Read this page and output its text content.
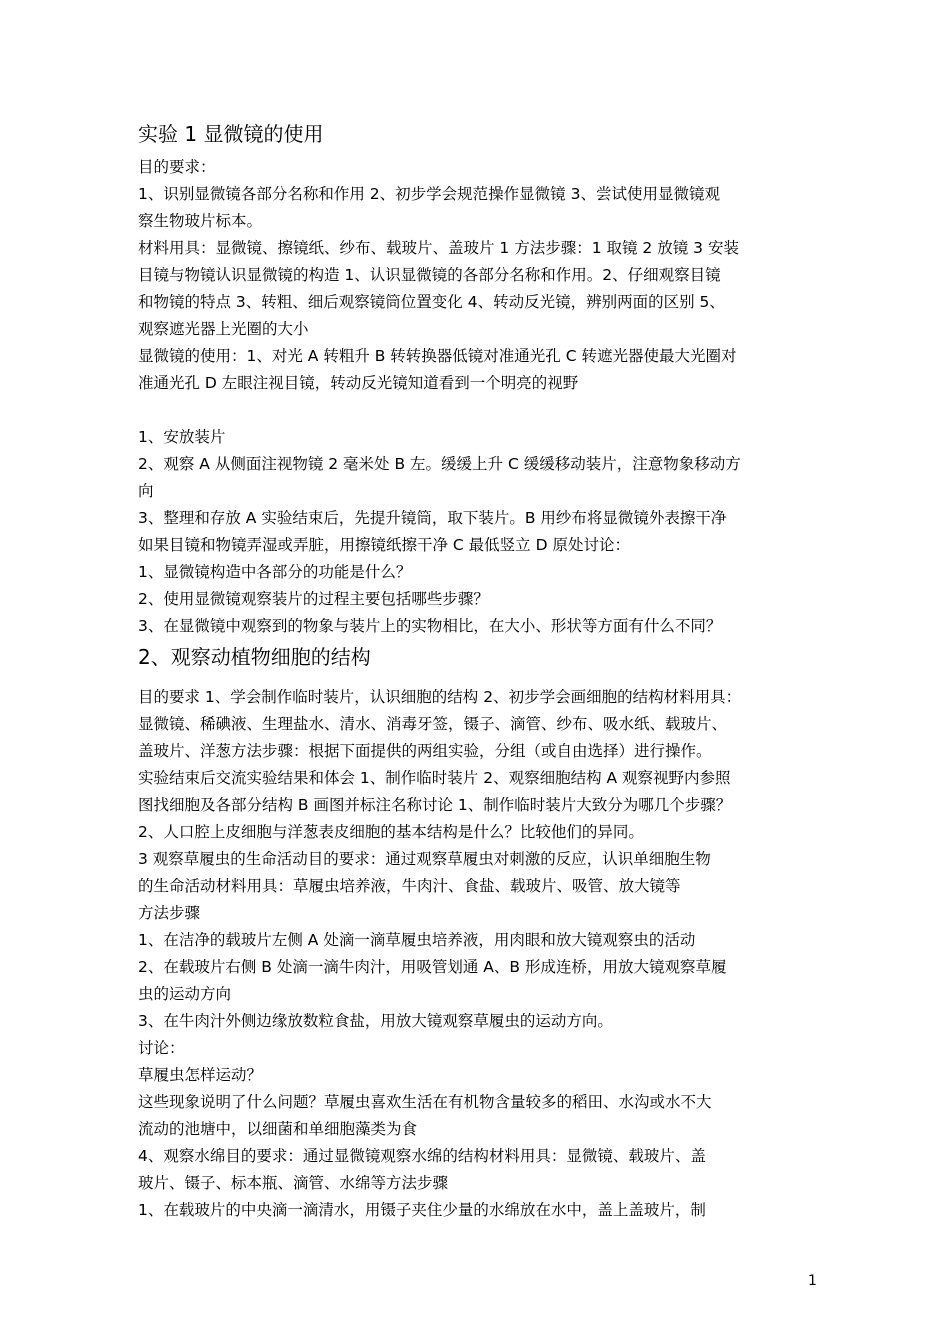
实验 1 显微镜的使用
目的要求：
1、识别显微镜各部分名称和作用 2、初步学会规范操作显微镜 3、尝试使用显微镜观
察生物玻片标本。
材料用具：显微镜、擦镜纸、纱布、载玻片、盖玻片 1 方法步骤：1 取镜 2 放镜 3 安装
目镜与物镜认识显微镜的构造 1、认识显微镜的各部分名称和作用。2、仔细观察目镜
和物镜的特点 3、转粗、细后观察镜筒位置变化 4、转动反光镜，辨别两面的区别 5、
观察遮光器上光圈的大小
显微镜的使用：1、对光 A 转粗升 B 转转换器低镜对准通光孔 C 转遮光器使最大光圈对
准通光孔 D 左眼注视目镜，转动反光镜知道看到一个明亮的视野
1、安放装片
2、观察 A 从侧面注视物镜 2 毫米处 B 左。缓缓上升 C 缓缓移动装片，注意物象移动方
向
3、整理和存放 A 实验结束后，先提升镜筒，取下装片。B 用纱布将显微镜外表擦干净
如果目镜和物镜弄湿或弄脏，用擦镜纸擦干净 C 最低竖立 D 原处讨论：
1、显微镜构造中各部分的功能是什么？
2、使用显微镜观察装片的过程主要包括哪些步骤？
3、在显微镜中观察到的物象与装片上的实物相比，在大小、形状等方面有什么不同？
2、观察动植物细胞的结构
目的要求 1、学会制作临时装片，认识细胞的结构 2、初步学会画细胞的结构材料用具：
显微镜、稀碘液、生理盐水、清水、消毒牙签，镊子、滴管、纱布、吸水纸、载玻片、
盖玻片、洋葱方法步骤：根据下面提供的两组实验，分组（或自由选择）进行操作。
实验结束后交流实验结果和体会 1、制作临时装片 2、观察细胞结构 A 观察视野内参照
图找细胞及各部分结构 B 画图并标注名称讨论 1、制作临时装片大致分为哪几个步骤？
2、人口腔上皮细胞与洋葱表皮细胞的基本结构是什么？比较他们的异同。
3 观察草履虫的生命活动目的要求：通过观察草履虫对刺激的反应，认识单细胞生物
的生命活动材料用具：草履虫培养液，牛肉汁、食盐、载玻片、吸管、放大镜等
方法步骤
1、在洁净的载玻片左侧 A 处滴一滴草履虫培养液，用肉眼和放大镜观察虫的活动
2、在载玻片右侧 B 处滴一滴牛肉汁，用吸管划通 A、B 形成连桥，用放大镜观察草履
虫的运动方向
3、在牛肉汁外侧边缘放数粒食盐，用放大镜观察草履虫的运动方向。
讨论：
草履虫怎样运动？
这些现象说明了什么问题？草履虫喜欢生活在有机物含量较多的稻田、水沟或水不大
流动的池塘中，以细菌和单细胞藻类为食
4、观察水绵目的要求：通过显微镜观察水绵的结构材料用具：显微镜、载玻片、盖
玻片、镊子、标本瓶、滴管、水绵等方法步骤
1、在载玻片的中央滴一滴清水，用镊子夹住少量的水绵放在水中，盖上盖玻片，制
1
